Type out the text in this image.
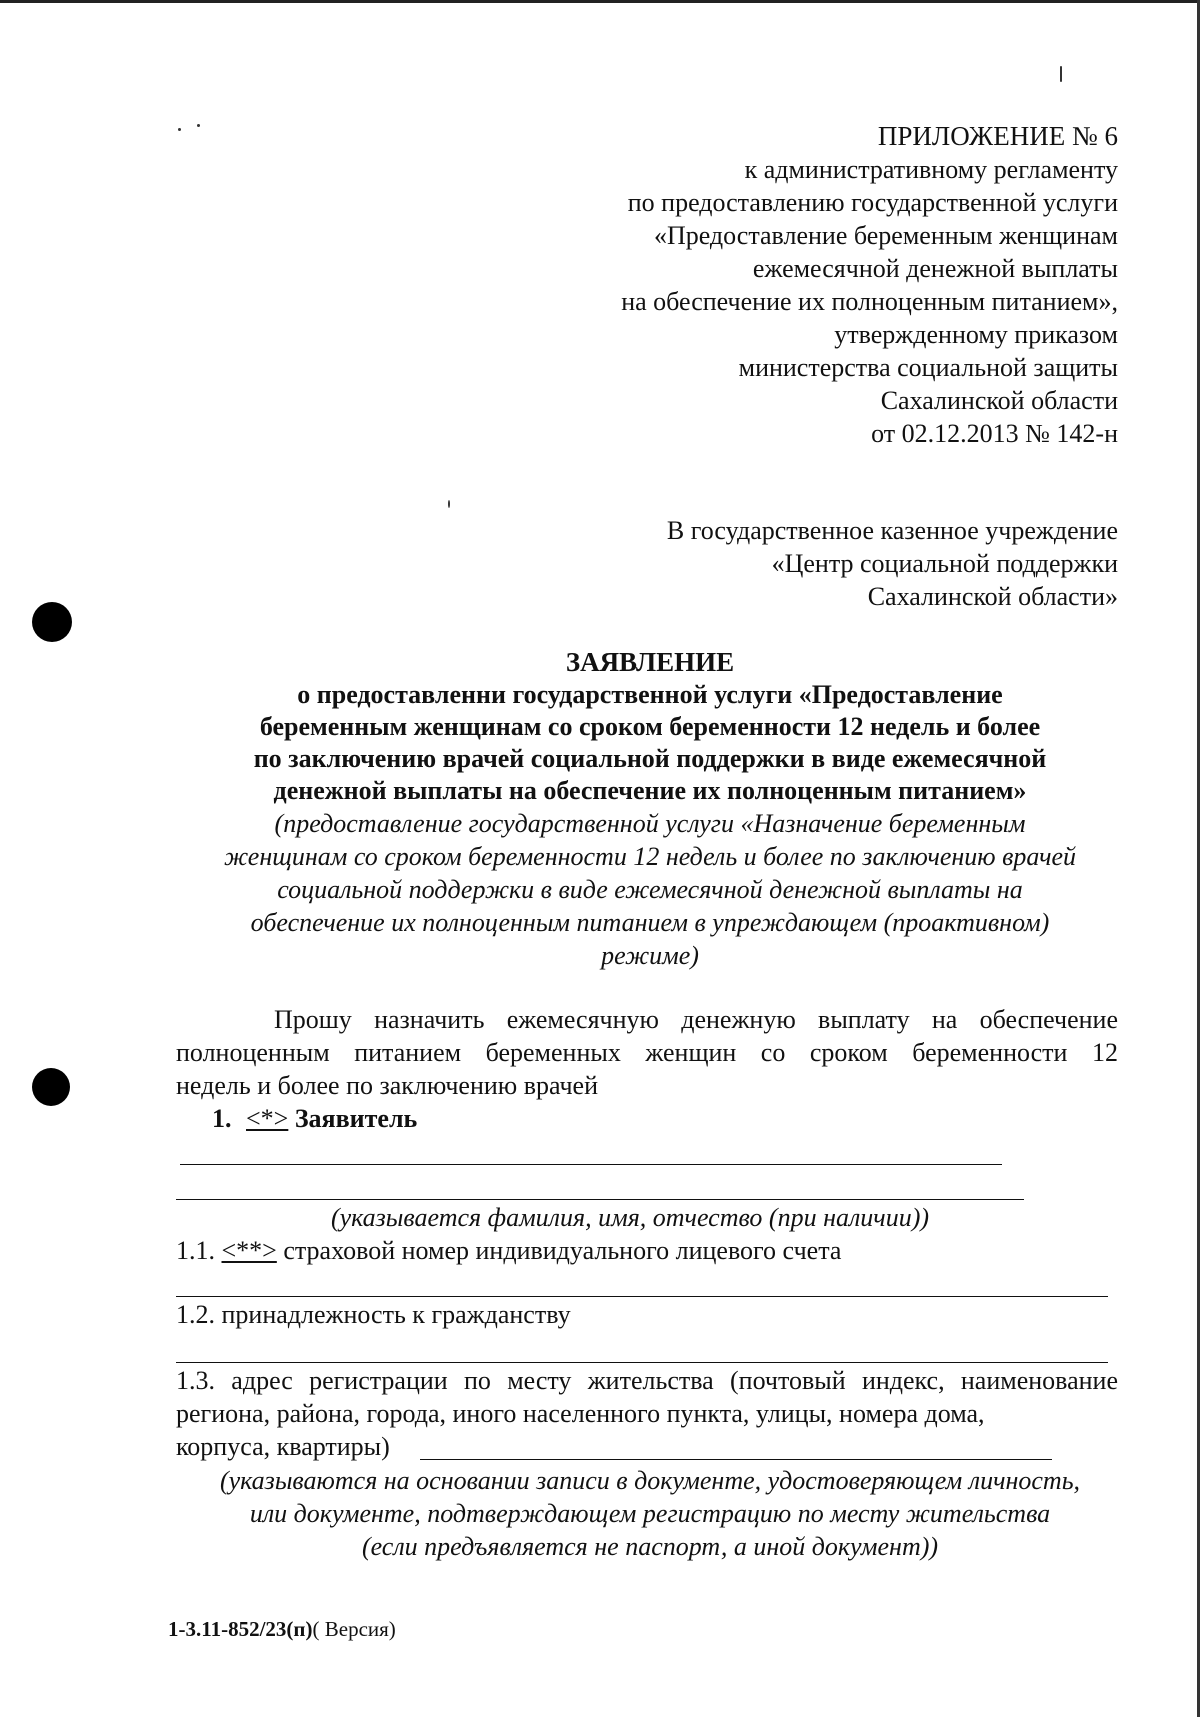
ПРИЛОЖЕНИЕ № 6
к административному регламенту
по предоставлению государственной услуги
«Предоставление беременным женщинам
ежемесячной денежной выплаты
на обеспечение их полноценным питанием»,
утвержденному приказом
министерства социальной защиты
Сахалинской области
от 02.12.2013 № 142-н
В государственное казенное учреждение
«Центр социальной поддержки
Сахалинской области»
ЗАЯВЛЕНИЕ
о предоставленни государственной услуги «Предоставление
беременным женщинам со сроком беременности 12 недель и более
по заключению врачей социальной поддержки в виде ежемесячной
денежной выплаты на обеспечение их полноценным питанием»
(предоставление государственной услуги «Назначение беременным
женщинам со сроком беременности 12 недель и более по заключению врачей
социальной поддержки в виде ежемесячной денежной выплаты на
обеспечение их полноценным питанием в упреждающем (проактивном)
режиме)
Прошу назначить ежемесячную денежную выплату на обеспечение
полноценным питанием беременных женщин со сроком беременности 12
недель и более по заключению врачей
1. <*> Заявитель
(указывается фамилия, имя, отчество (при наличии))
1.1. <**> страховой номер индивидуального лицевого счета
1.2. принадлежность к гражданству
1.3. адрес регистрации по месту жительства (почтовый индекс, наименование
региона, района, города, иного населенного пункта, улицы, номера дома,
корпуса, квартиры)
(указываются на основании записи в документе, удостоверяющем личность,
или документе, подтверждающем регистрацию по месту жительства
(если предъявляется не паспорт, а иной документ))
1-3.11-852/23(п)( Версия)
